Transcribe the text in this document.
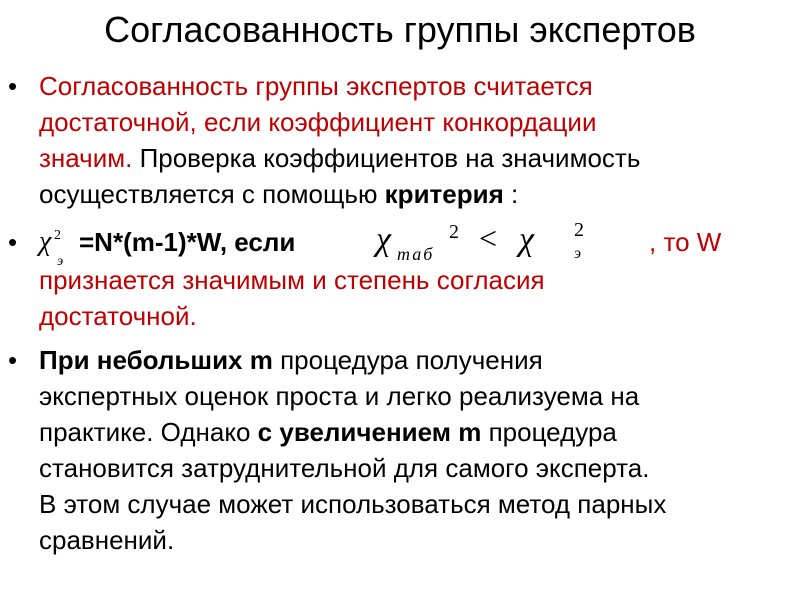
Согласованность группы экспертов
• Согласованность группы экспертов считается
достаточной, если коэффициент конкордации
значим. Проверка коэффициентов на значимость
осуществляется с помощью критерия :
• χ 2
э
=N*(m-1)*W, если χ таб
2 < χ 2
э	, то W
признается значимым и степень согласия
достаточной.
• При небольших m процедура получения
экспертных оценок проста и легко реализуема на
практике. Однако с увеличением m процедура
становится затруднительной для самого эксперта.
В этом случае может использоваться метод парных
сравнений.
